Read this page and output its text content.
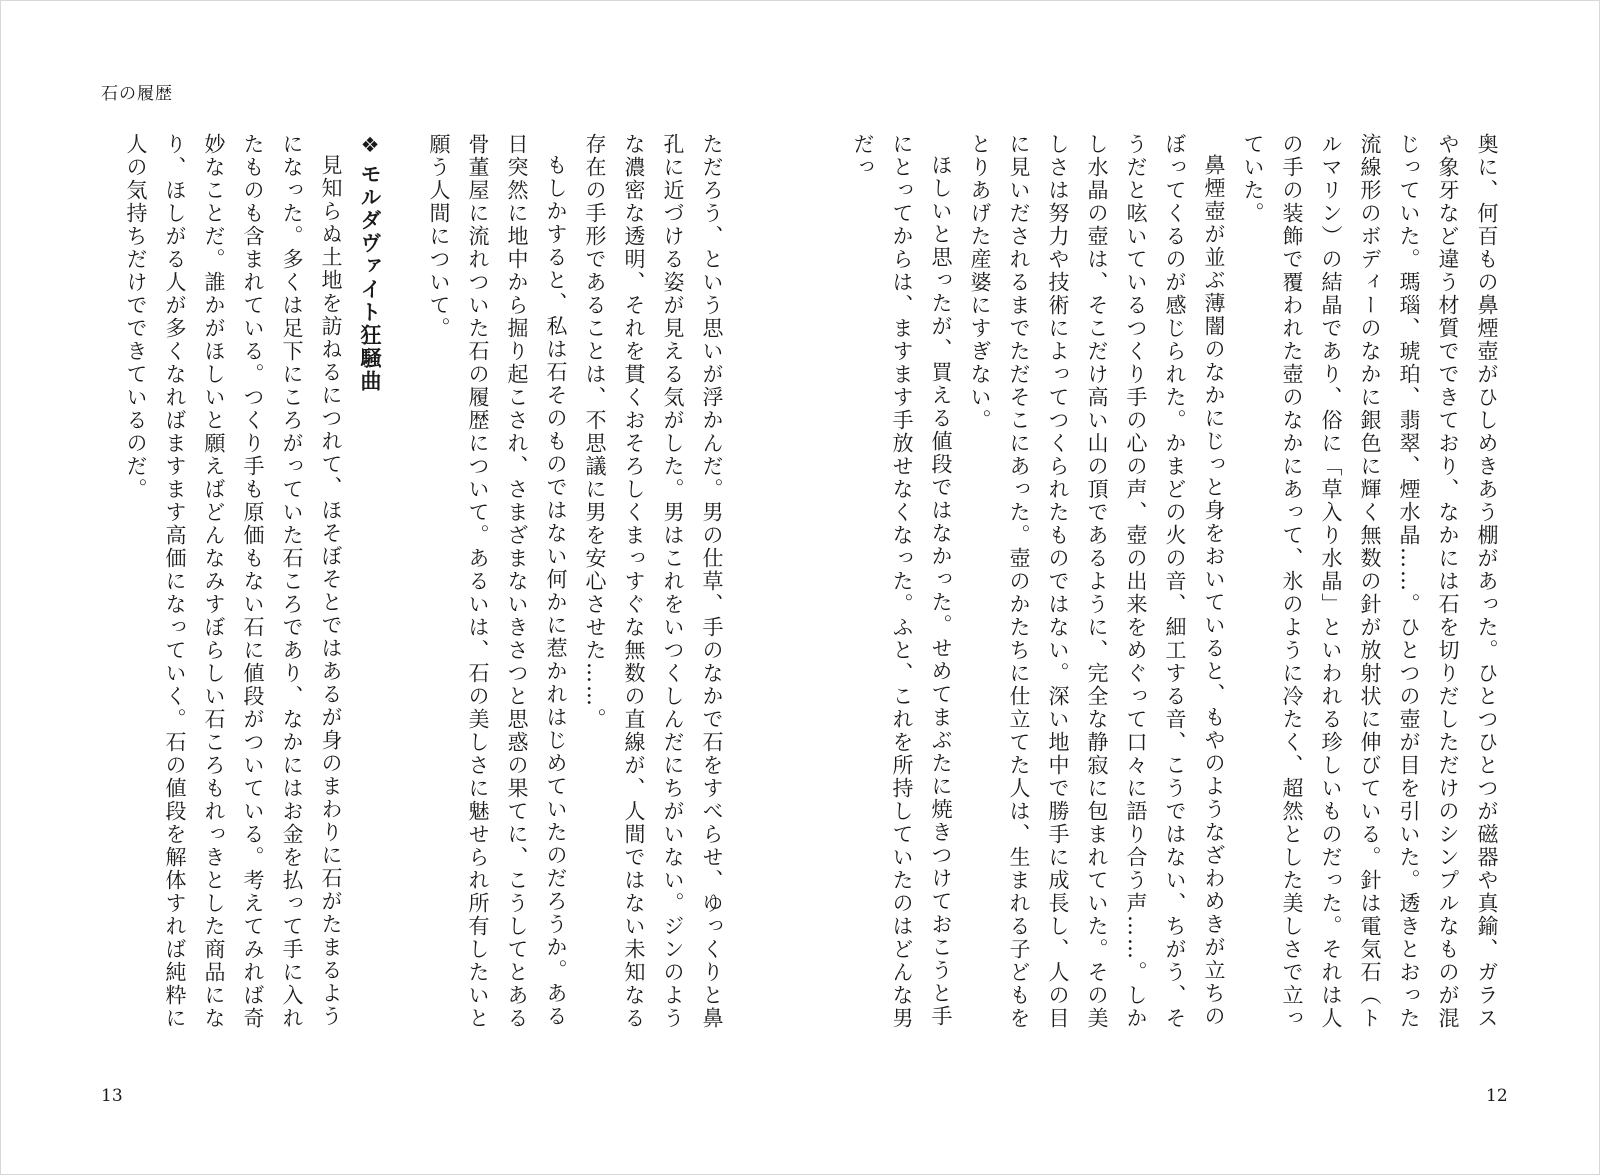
石の履歴

奥に、何百もの鼻煙壺がひしめきあう棚があった。ひとつひとつが磁器や真鍮、ガラスや象牙など違う材質でできており、なかには石を切りだしただけのシンプルなものが混じっていた。瑪瑙、琥珀、翡翠、煙水晶……。ひとつの壺が目を引いた。透きとおった流線形のボディーのなかに銀色に輝く無数の針が放射状に伸びている。針は電気石（トルマリン）の結晶であり、俗に「草入り水晶」といわれる珍しいものだった。それは人の手の装飾で覆われた壺のなかにあって、氷のように冷たく、超然とした美しさで立っていた。

鼻煙壺が並ぶ薄闇のなかにじっと身をおいていると、もやのようなざわめきが立ちのぼってくるのが感じられた。かまどの火の音、細工する音、こうではない、ちがう、そうだと呟いているつくり手の心の声、壺の出来をめぐって口々に語り合う声……。しかし水晶の壺は、そこだけ高い山の頂であるように、完全な静寂に包まれていた。その美しさは努力や技術によってつくられたものではない。深い地中で勝手に成長し、人の目に見いだされるまでただそこにあった。壺のかたちに仕立てた人は、生まれる子どもをとりあげた産婆にすぎない。

ほしいと思ったが、買える値段ではなかった。せめてまぶたに焼きつけておこうと手にとってからは、ますます手放せなくなった。ふと、これを所持していたのはどんな男だっ

ただろう、という思いが浮かんだ。男の仕草、手のなかで石をすべらせ、ゆっくりと鼻孔に近づける姿が見える気がした。男はこれをいつくしんだにちがいない。ジンのような濃密な透明、それを貫くおそろしくまっすぐな無数の直線が、人間ではない未知なる存在の手形であることは、不思議に男を安心させた……。

もしかすると、私は石そのものではない何かに惹かれはじめていたのだろうか。ある日突然に地中から掘り起こされ、さまざまないきさつと思惑の果てに、こうしてとある骨董屋に流れついた石の履歴について。あるいは、石の美しさに魅せられ所有したいと願う人間について。

❖モルダヴァイト狂騒曲

見知らぬ土地を訪ねるにつれて、ほそぼそとではあるが身のまわりに石がたまるようになった。多くは足下にころがっていた石ころであり、なかにはお金を払って手に入れたものも含まれている。つくり手も原価もない石に値段がついている。考えてみれば奇妙なことだ。誰かがほしいと願えばどんなみすぼらしい石ころもれっきとした商品になり、ほしがる人が多くなればますます高価になっていく。石の値段を解体すれば純粋に人の気持ちだけでできているのだ。

13	12
